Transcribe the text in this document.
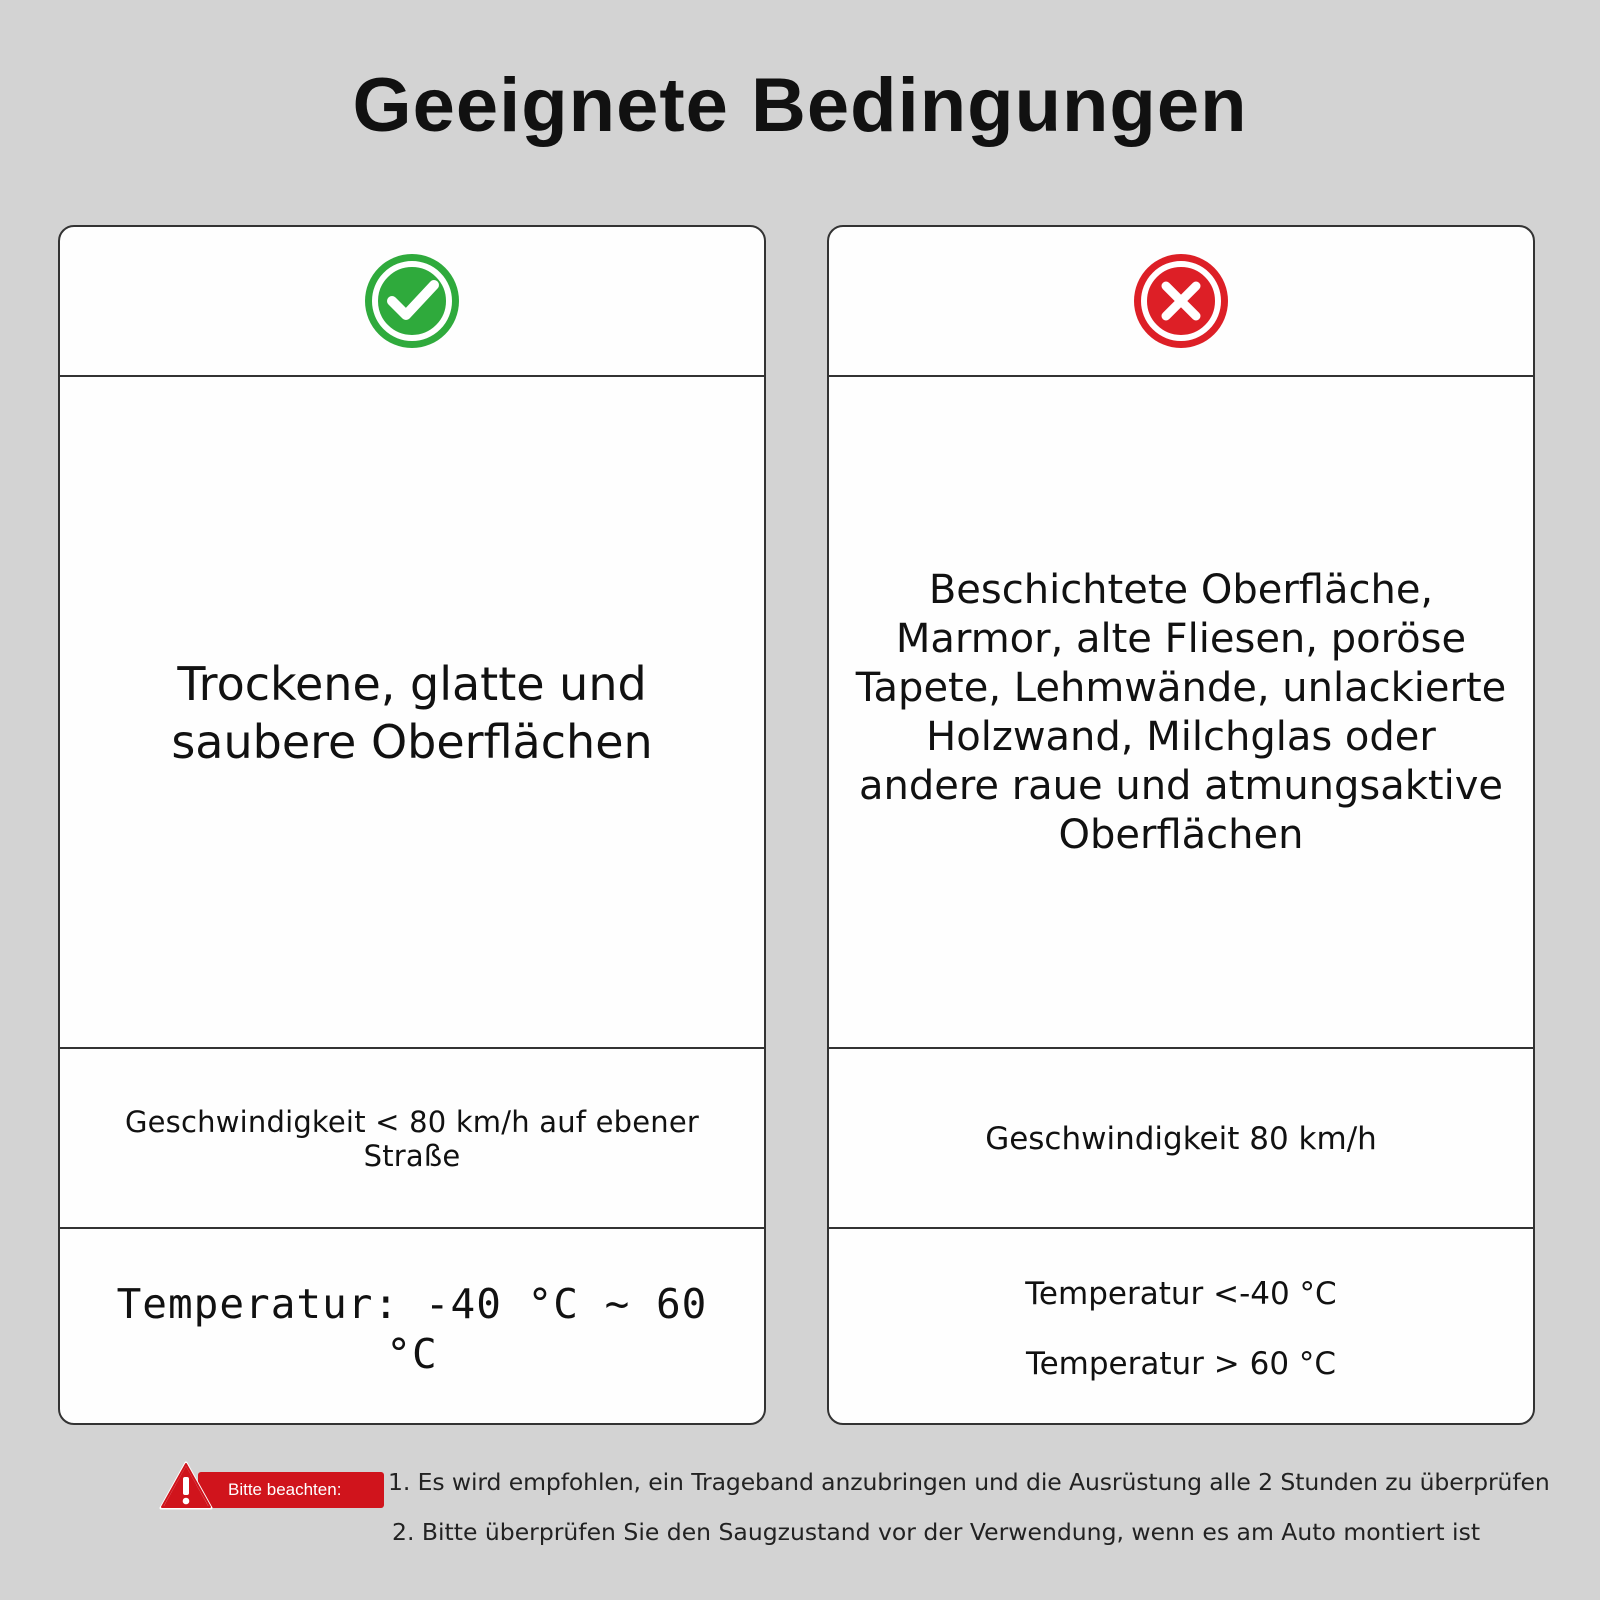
Geeignete Bedingungen
Trockene, glatte und saubere Oberflächen
Geschwindigkeit < 80 km/h auf ebener Straße
Temperatur: -40 °C ~ 60 °C
Beschichtete Oberfläche, Marmor, alte Fliesen, poröse Tapete, Lehmwände, unlackierte Holzwand, Milchglas oder andere raue und atmungsaktive Oberflächen
Geschwindigkeit 80 km/h
Temperatur <-40 °C
Temperatur > 60 °C
Bitte beachten:	1. Es wird empfohlen, ein Trageband anzubringen und die Ausrüstung alle 2 Stunden zu überprüfen
2. Bitte überprüfen Sie den Saugzustand vor der Verwendung, wenn es am Auto montiert ist
